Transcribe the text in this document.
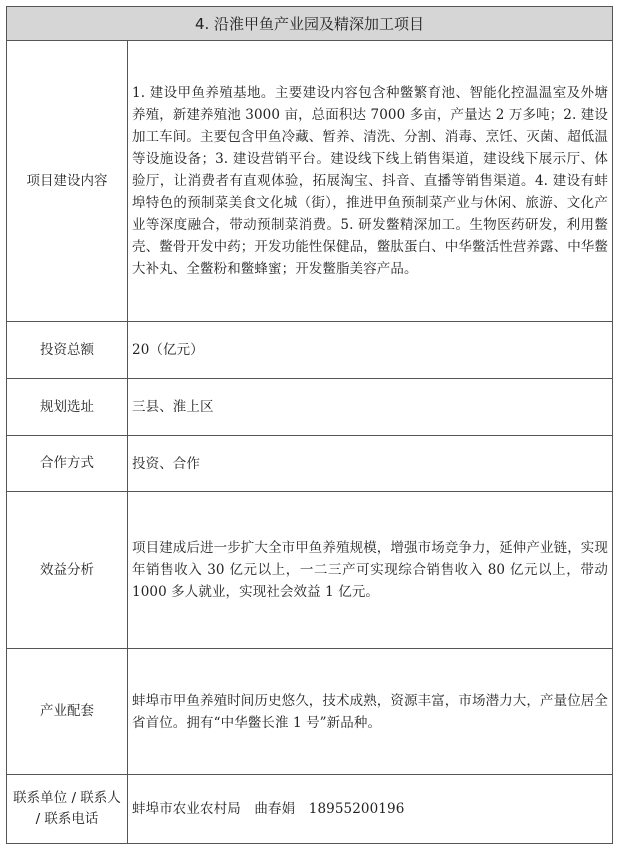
4. 沿淮甲鱼产业园及精深加工项目	
项目建设内容	1. 建设甲鱼养殖基地。主要建设内容包含种鳖繁育池、智能化控温温室及外塘养殖，新建养殖池 3000 亩，总面积达 7000 多亩，产量达 2 万多吨；2. 建设加工车间。主要包含甲鱼冷藏、暂养、清洗、分割、消毒、烹饪、灭菌、超低温等设施设备；3. 建设营销平台。建设线下线上销售渠道，建设线下展示厅、体验厅，让消费者有直观体验，拓展淘宝、抖音、直播等销售渠道。4. 建设有蚌埠特色的预制菜美食文化城（街），推进甲鱼预制菜产业与休闲、旅游、文化产业等深度融合，带动预制菜消费。5. 研发鳖精深加工。生物医药研发，利用鳖壳、鳖骨开发中药；开发功能性保健品，鳖肽蛋白、中华鳖活性营养露、中华鳖大补丸、全鳖粉和鳖蜂蜜；开发鳖脂美容产品。
投资总额	20（亿元）
规划选址	三县、淮上区
合作方式	投资、合作
效益分析	项目建成后进一步扩大全市甲鱼养殖规模，增强市场竞争力，延伸产业链，实现年销售收入 30 亿元以上，一二三产可实现综合销售收入 80 亿元以上，带动 1000 多人就业，实现社会效益 1 亿元。
产业配套	蚌埠市甲鱼养殖时间历史悠久，技术成熟，资源丰富，市场潜力大，产量位居全省首位。拥有“中华鳖长淮 1 号”新品种。

联系单位 / 联系人
/ 联系电话	蚌埠市农业农村局　曲春娟　18955200196
